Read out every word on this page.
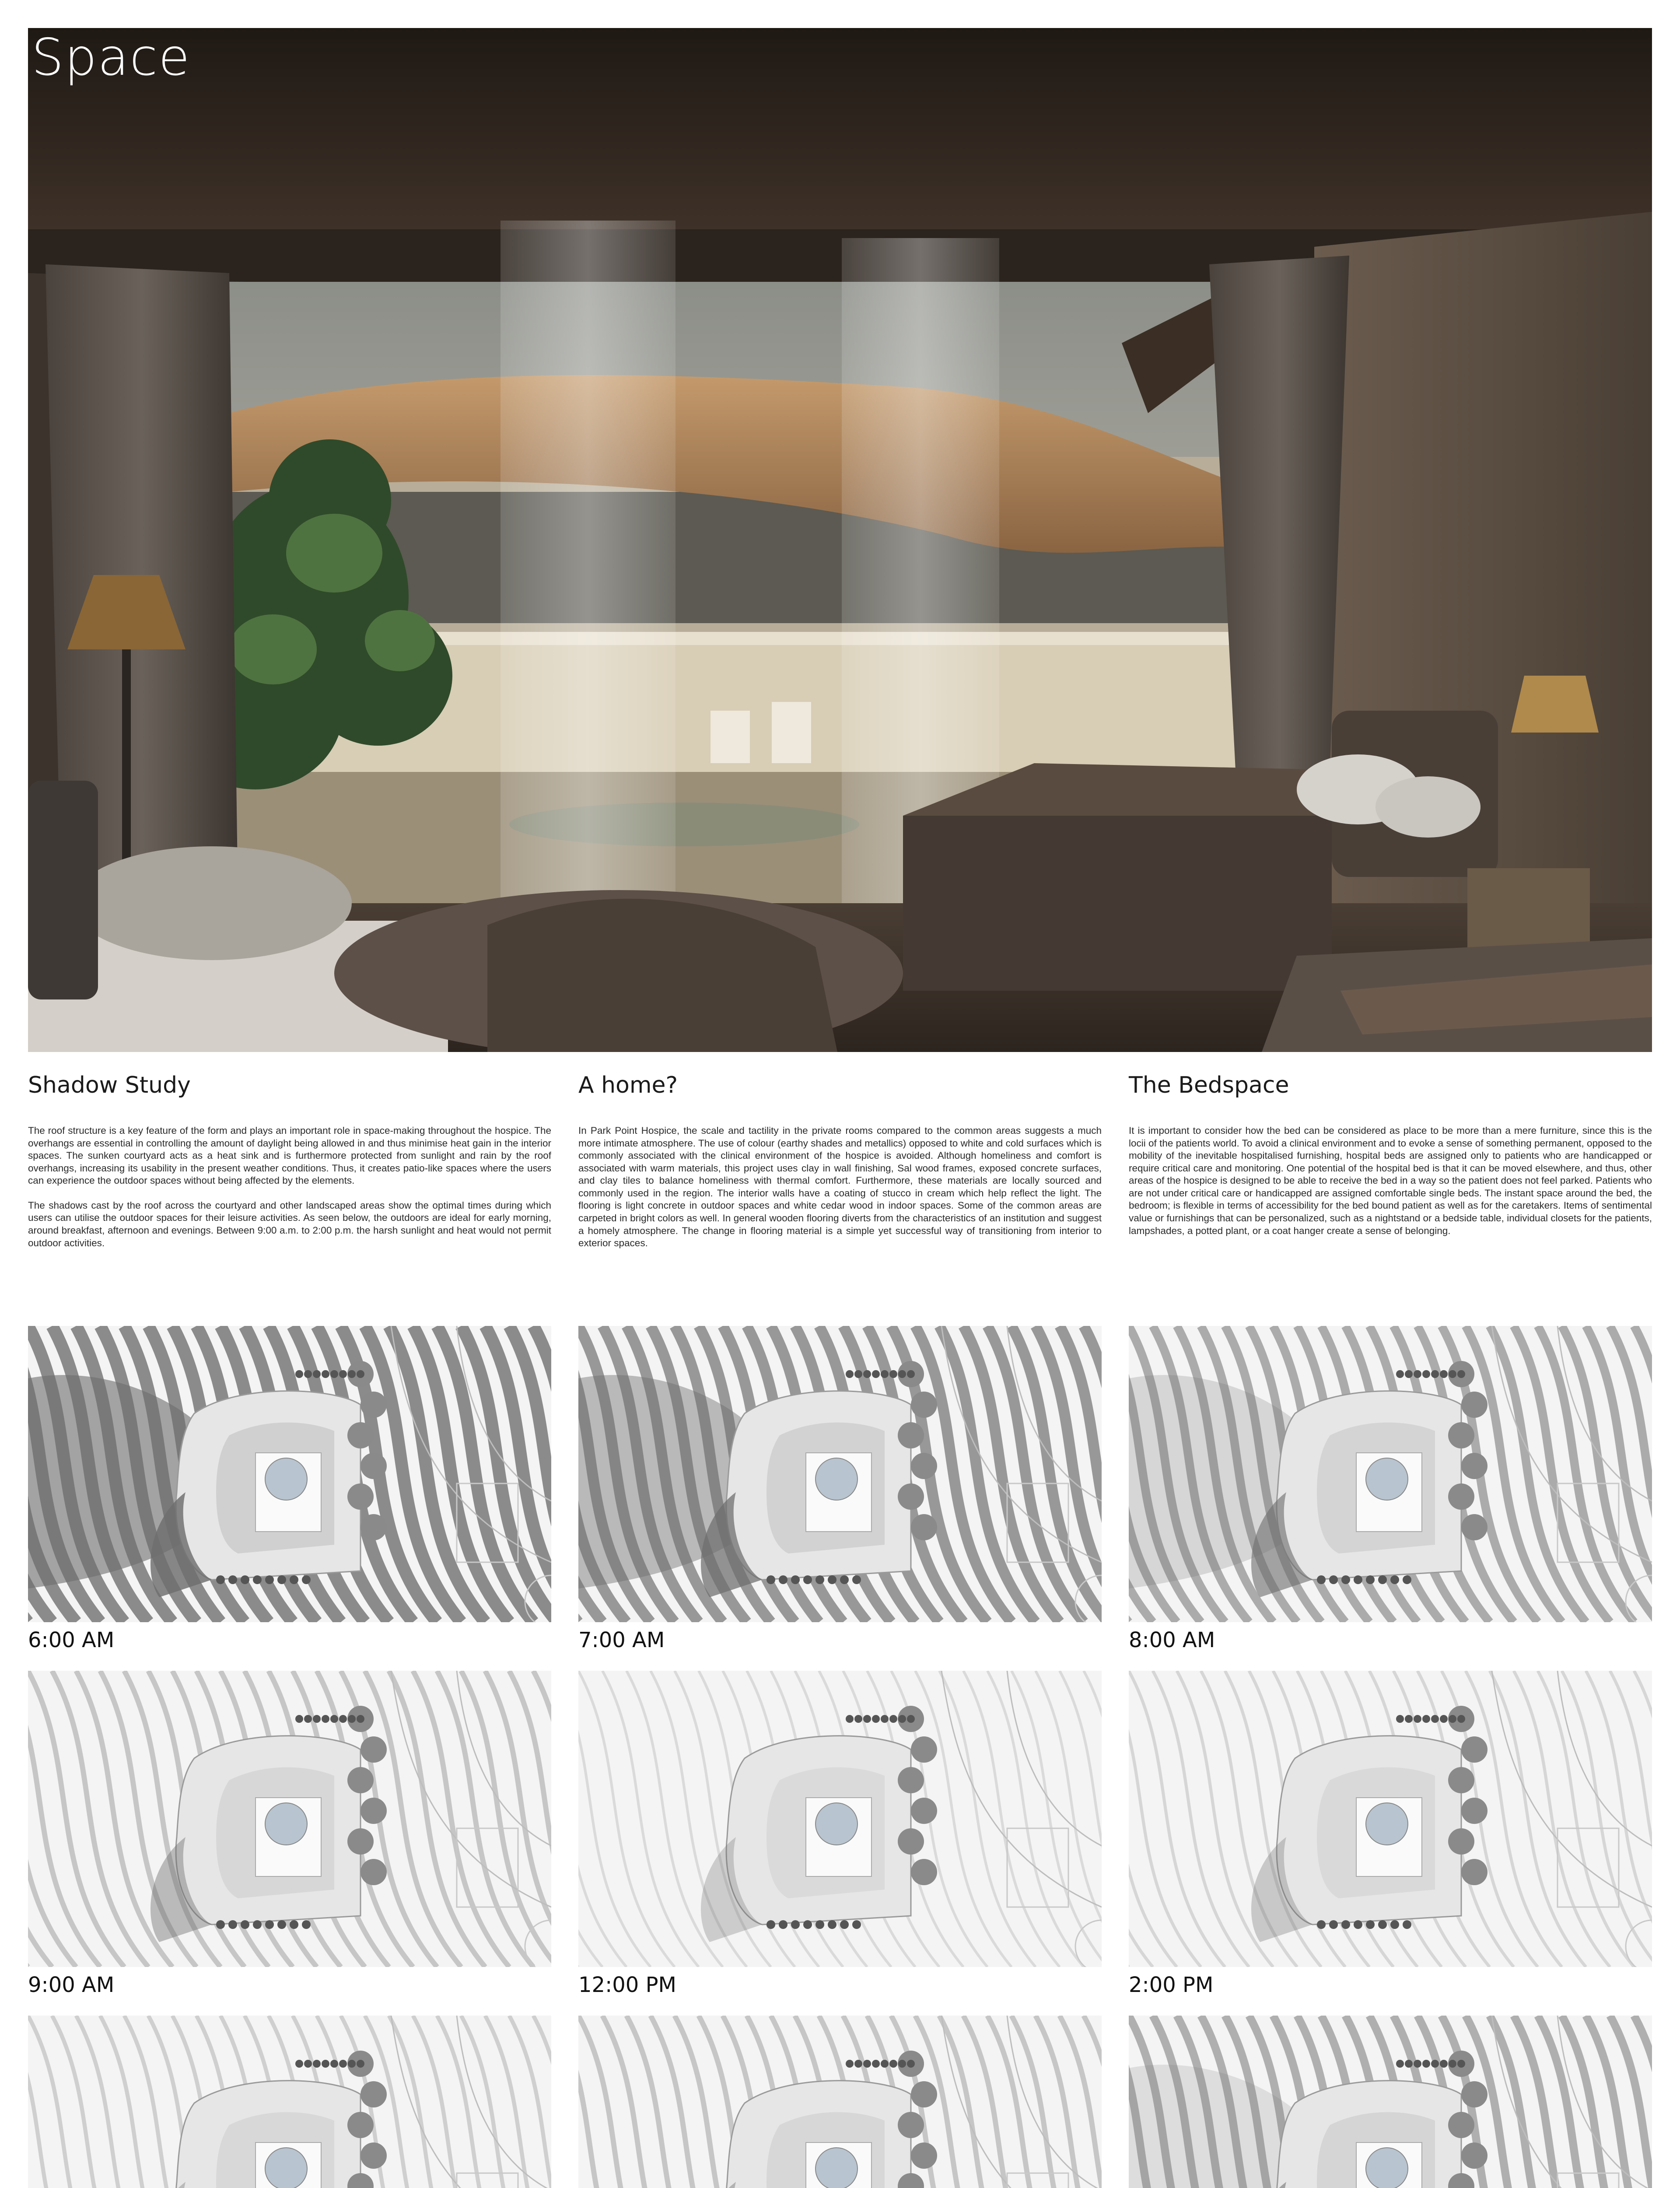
Space
Shadow Study

The roof structure is a key feature of the form and plays an important role in space-making throughout the hospice. The overhangs are essential in controlling the amount of daylight being allowed in and thus minimise heat gain in the interior spaces. The sunken courtyard acts as a heat sink and is furthermore protected from sunlight and rain by the roof overhangs, increasing its usability in the present weather conditions. Thus, it creates patio-like spaces where the users can experience the outdoor spaces without being affected by the elements.

The shadows cast by the roof across the courtyard and other landscaped areas show the optimal times during which users can utilise the outdoor spaces for their leisure activities. As seen below, the outdoors are ideal for early morning, around breakfast, afternoon and evenings. Between 9:00 a.m. to 2:00 p.m. the harsh sunlight and heat would not permit outdoor activities.

A home?

In Park Point Hospice, the scale and tactility in the private rooms compared to the common areas suggests a much more intimate atmosphere. The use of colour (earthy shades and metallics) opposed to white and cold surfaces which is commonly associated with the clinical environment of the hospice is avoided. Although homeliness and comfort is associated with warm materials, this project uses clay in wall finishing, Sal wood frames, exposed concrete surfaces, and clay tiles to balance homeliness with thermal comfort. Furthermore, these materials are locally sourced and commonly used in the region. The interior walls have a coating of stucco in cream which help reflect the light. The flooring is light concrete in outdoor spaces and white cedar wood in indoor spaces. Some of the common areas are carpeted in bright colors as well. In general wooden flooring diverts from the characteristics of an institution and suggest a homely atmosphere. The change in flooring material is a simple yet successful way of transitioning from interior to exterior spaces.

The Bedspace

It is important to consider how the bed can be considered as place to be more than a mere furniture, since this is the locii of the patients world. To avoid a clinical environment and to evoke a sense of something permanent, opposed to the mobility of the inevitable hospitalised furnishing, hospital beds are assigned only to patients who are handicapped or require critical care and monitoring. One potential of the hospital bed is that it can be moved elsewhere, and thus, other areas of the hospice is designed to be able to receive the bed in a way so the patient does not feel parked. Patients who are not under critical care or handicapped are assigned comfortable single beds. The instant space around the bed, the bedroom; is flexible in terms of accessibility for the bed bound patient as well as for the caretakers. Items of sentimental value or furnishings that can be personalized, such as a nightstand or a bedside table, individual closets for the patients, lampshades, a potted plant, or a coat hanger create a sense of belonging.

6:00 AM	7:00 AM	8:00 AM
9:00 AM	12:00 PM	2:00 PM
